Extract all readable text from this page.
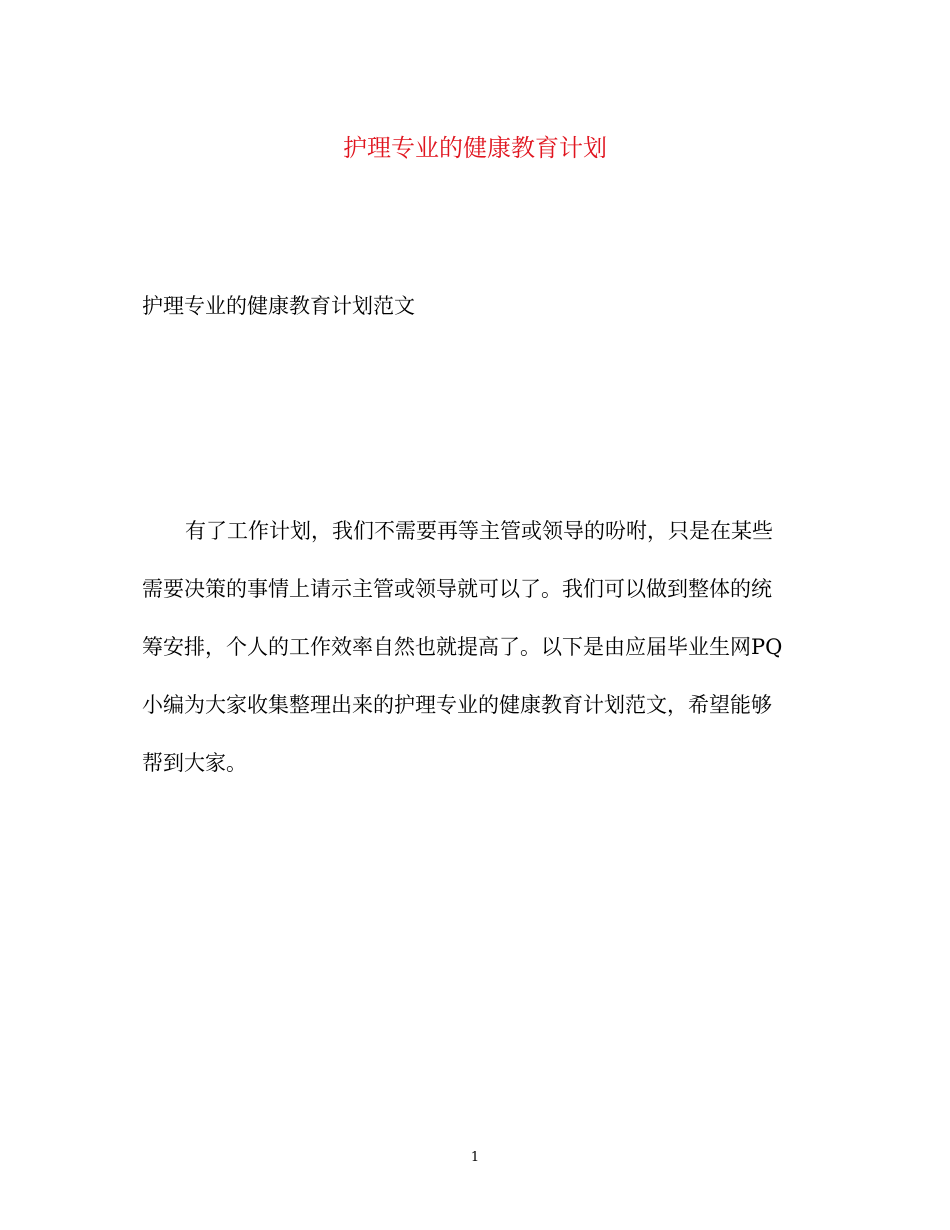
护理专业的健康教育计划

护理专业的健康教育计划范文

有了工作计划，我们不需要再等主管或领导的吩咐，只是在某些
需要决策的事情上请示主管或领导就可以了。我们可以做到整体的统
筹安排，个人的工作效率自然也就提高了。以下是由应届毕业生网PQ
小编为大家收集整理出来的护理专业的健康教育计划范文，希望能够
帮到大家。

1
